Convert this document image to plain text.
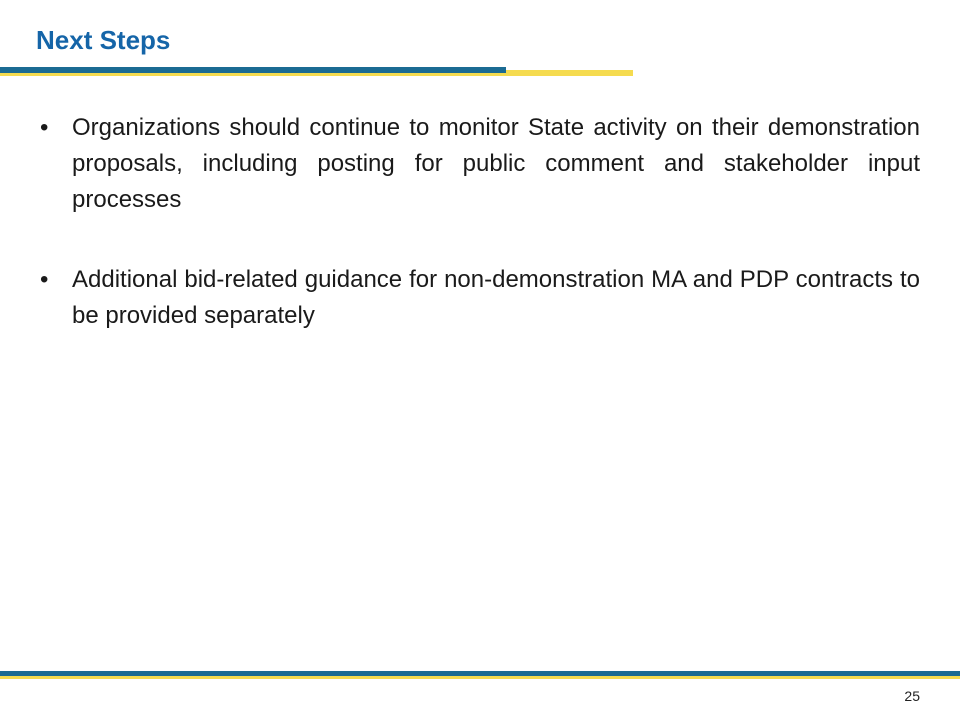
Next Steps
• Organizations should continue to monitor State activity on their demonstration proposals, including posting for public comment and stakeholder input processes
• Additional bid-related guidance for non-demonstration MA and PDP contracts to be provided separately
25
